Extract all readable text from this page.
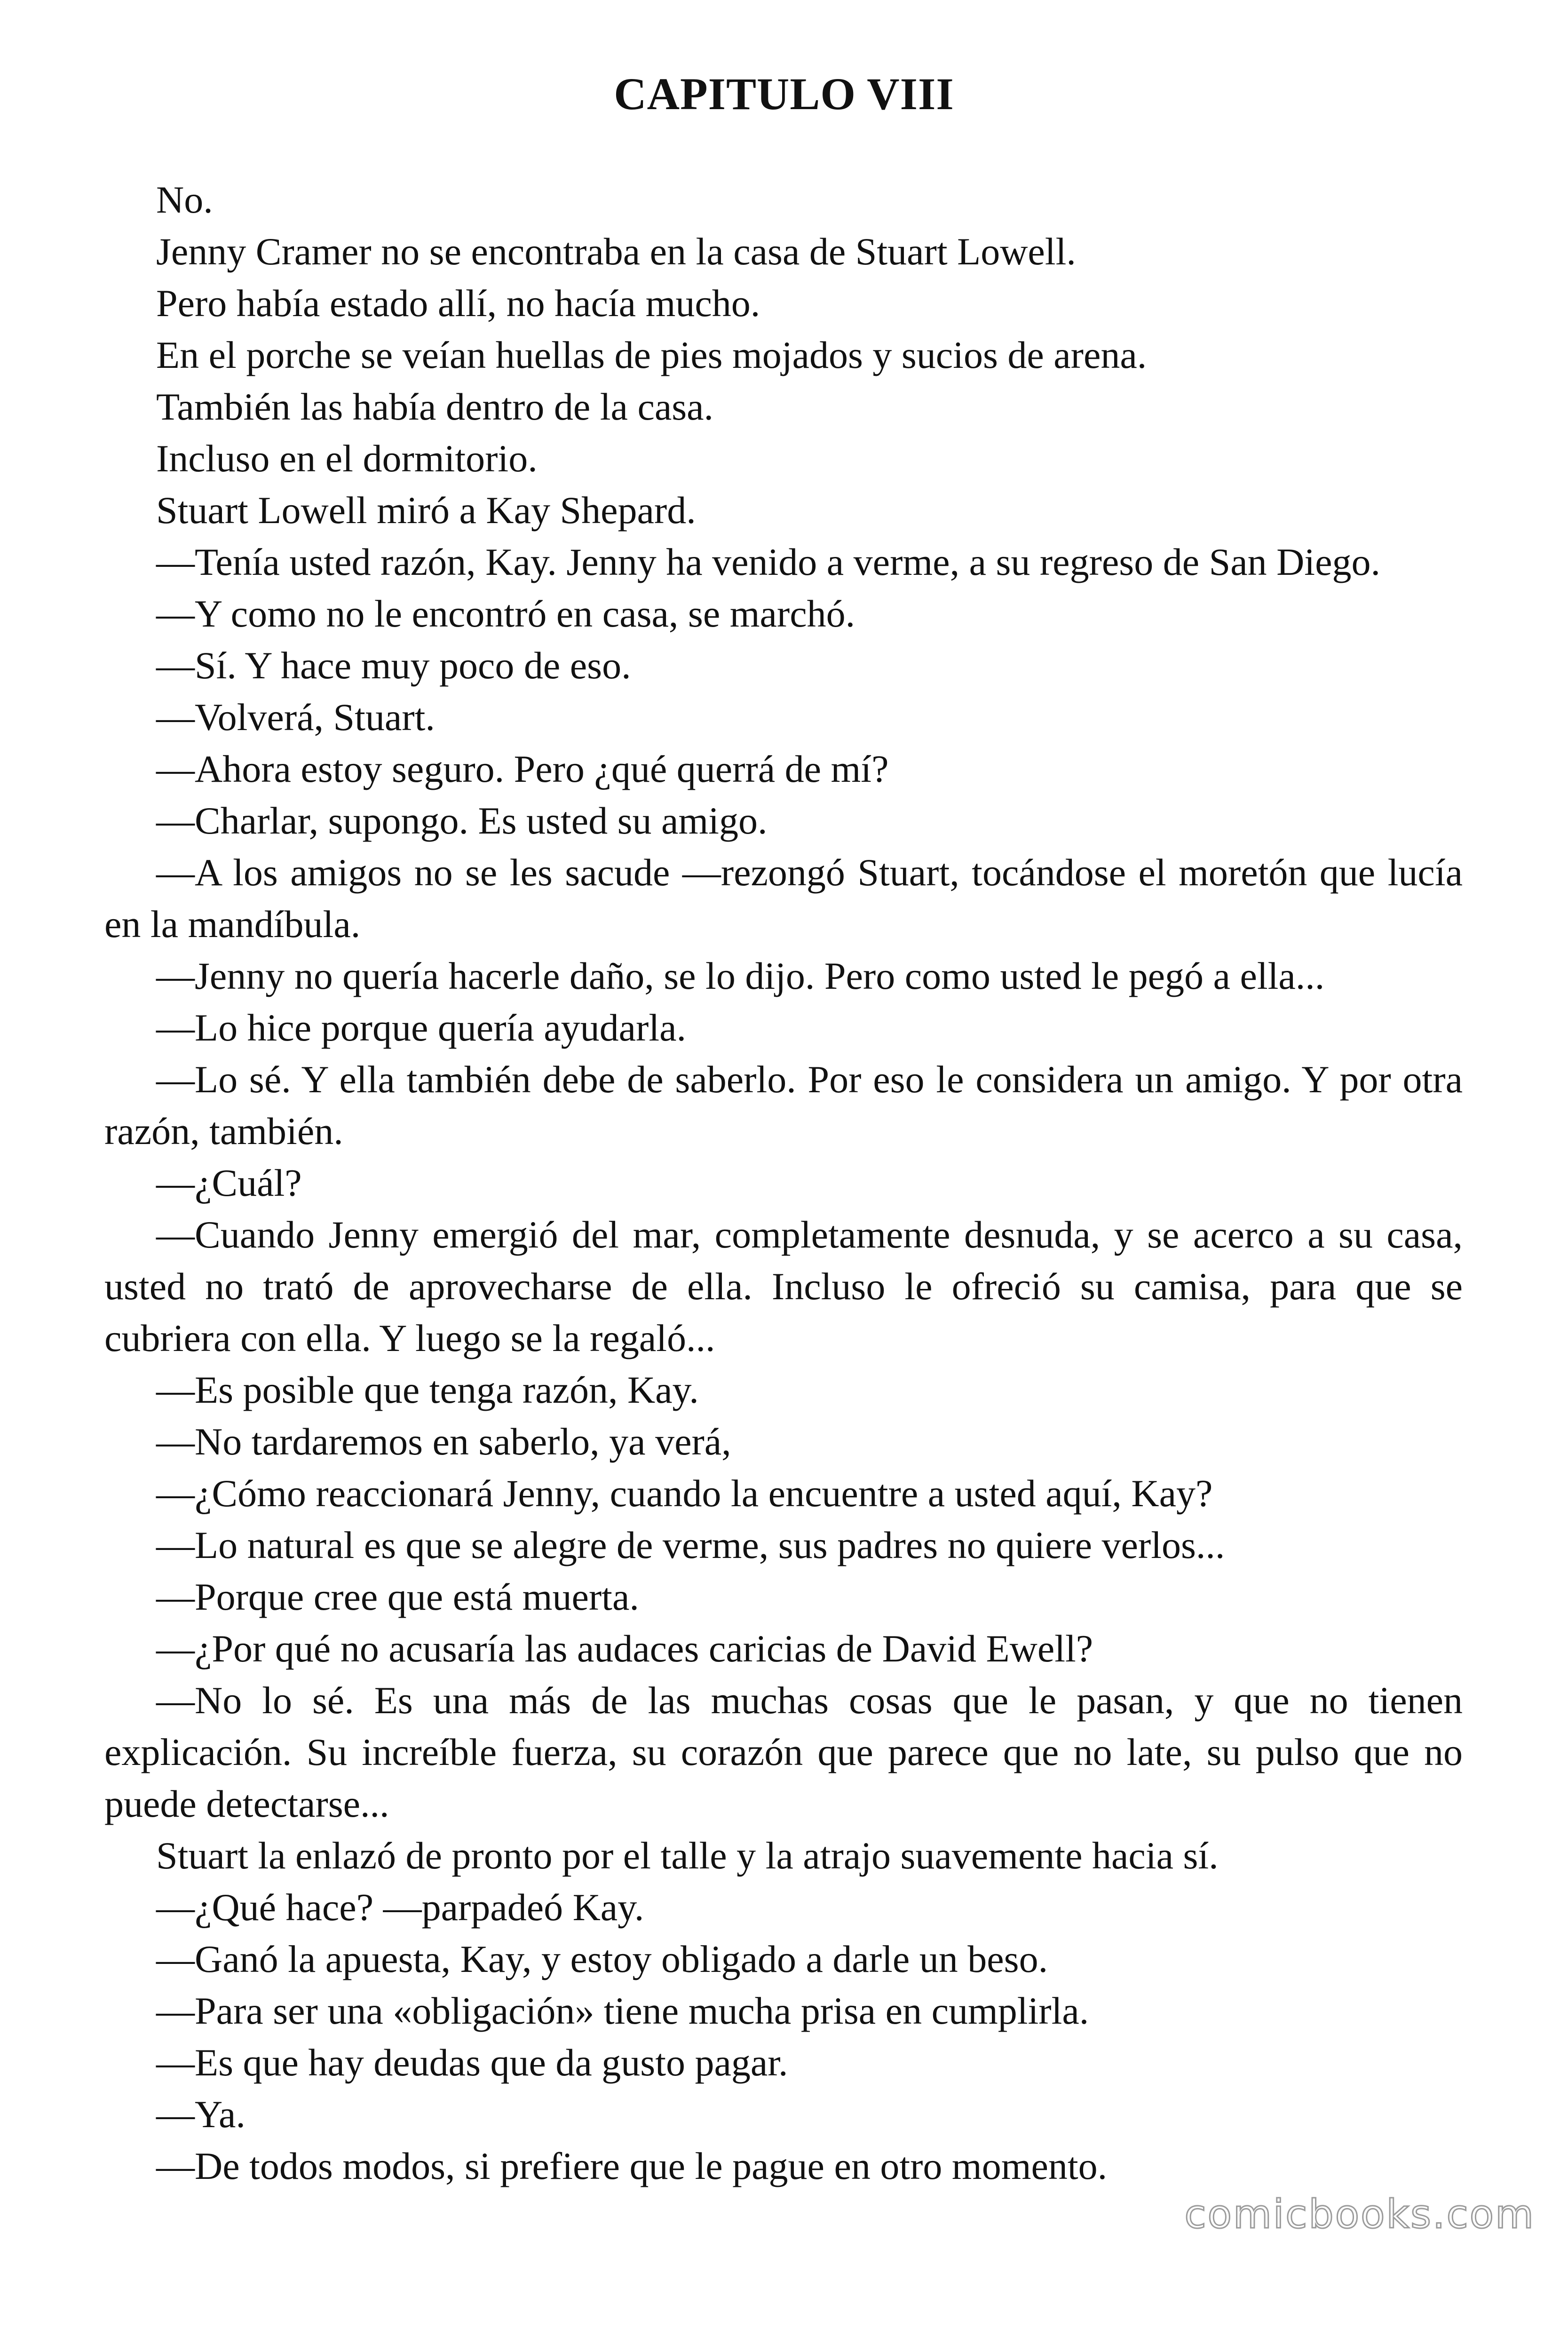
CAPITULO VIII

No.

Jenny Cramer no se encontraba en la casa de Stuart Lowell.

Pero había estado allí, no hacía mucho.

En el porche se veían huellas de pies mojados y sucios de arena.

También las había dentro de la casa.

Incluso en el dormitorio.

Stuart Lowell miró a Kay Shepard.

—Tenía usted razón, Kay. Jenny ha venido a verme, a su regreso de San Diego.

—Y como no le encontró en casa, se marchó.

—Sí. Y hace muy poco de eso.

—Volverá, Stuart.

—Ahora estoy seguro. Pero ¿qué querrá de mí?

—Charlar, supongo. Es usted su amigo.

—A los amigos no se les sacude —rezongó Stuart, tocándose el moretón que lucía en la mandíbula.

—Jenny no quería hacerle daño, se lo dijo. Pero como usted le pegó a ella...

—Lo hice porque quería ayudarla.

—Lo sé. Y ella también debe de saberlo. Por eso le considera un amigo. Y por otra razón, también.

—¿Cuál?

—Cuando Jenny emergió del mar, completamente desnuda, y se acerco a su casa, usted no trató de aprovecharse de ella. Incluso le ofreció su camisa, para que se cubriera con ella. Y luego se la regaló...

—Es posible que tenga razón, Kay.

—No tardaremos en saberlo, ya verá,

—¿Cómo reaccionará Jenny, cuando la encuentre a usted aquí, Kay?

—Lo natural es que se alegre de verme, sus padres no quiere verlos...

—Porque cree que está muerta.

—¿Por qué no acusaría las audaces caricias de David Ewell?

—No lo sé. Es una más de las muchas cosas que le pasan, y que no tienen explicación. Su increíble fuerza, su corazón que parece que no late, su pulso que no puede detectarse...

Stuart la enlazó de pronto por el talle y la atrajo suavemente hacia sí.

—¿Qué hace? —parpadeó Kay.

—Ganó la apuesta, Kay, y estoy obligado a darle un beso.

—Para ser una «obligación» tiene mucha prisa en cumplirla.

—Es que hay deudas que da gusto pagar.

—Ya.

—De todos modos, si prefiere que le pague en otro momento.

comicbooks.com
